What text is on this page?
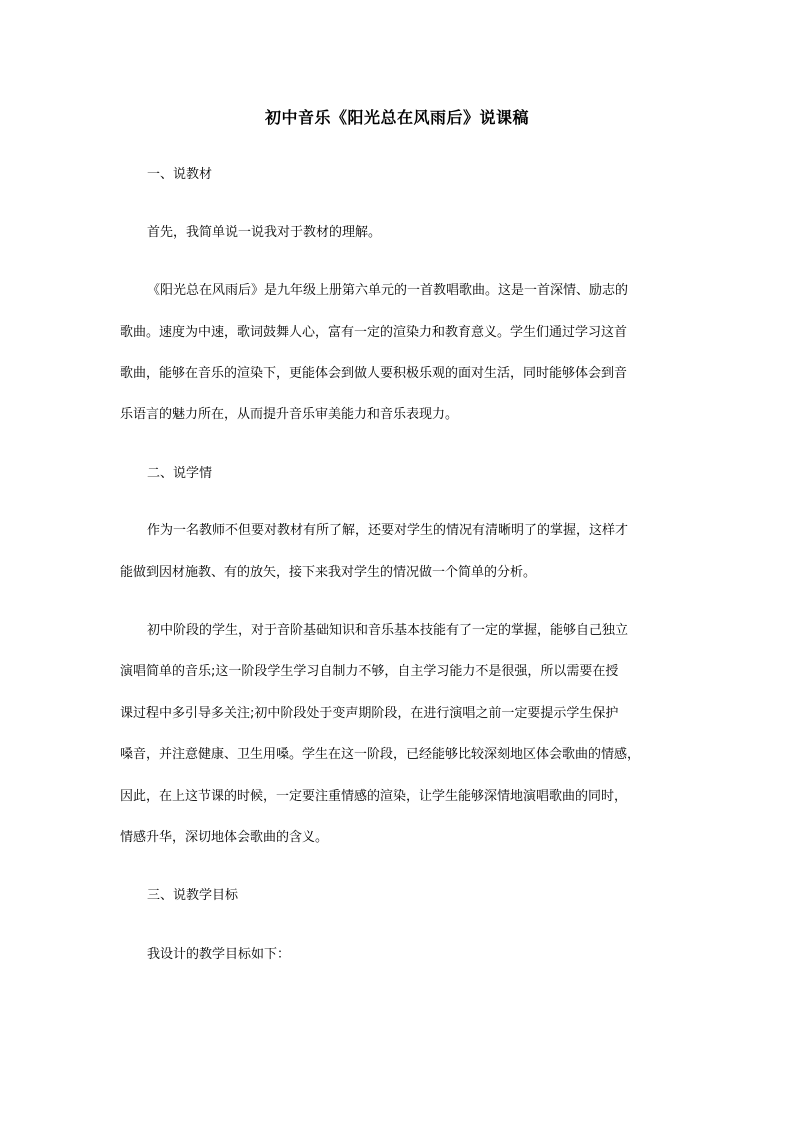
初中音乐《阳光总在风雨后》说课稿
一、说教材
首先，我简单说一说我对于教材的理解。
《阳光总在风雨后》是九年级上册第六单元的一首教唱歌曲。这是一首深情、励志的
歌曲。速度为中速，歌词鼓舞人心，富有一定的渲染力和教育意义。学生们通过学习这首
歌曲，能够在音乐的渲染下，更能体会到做人要积极乐观的面对生活，同时能够体会到音
乐语言的魅力所在，从而提升音乐审美能力和音乐表现力。
二、说学情
作为一名教师不但要对教材有所了解，还要对学生的情况有清晰明了的掌握，这样才
能做到因材施教、有的放矢，接下来我对学生的情况做一个简单的分析。
初中阶段的学生，对于音阶基础知识和音乐基本技能有了一定的掌握，能够自己独立
演唱简单的音乐;这一阶段学生学习自制力不够，自主学习能力不是很强，所以需要在授
课过程中多引导多关注;初中阶段处于变声期阶段，在进行演唱之前一定要提示学生保护
嗓音，并注意健康、卫生用嗓。学生在这一阶段，已经能够比较深刻地区体会歌曲的情感，
因此，在上这节课的时候，一定要注重情感的渲染，让学生能够深情地演唱歌曲的同时，
情感升华，深切地体会歌曲的含义。
三、说教学目标
我设计的教学目标如下：
